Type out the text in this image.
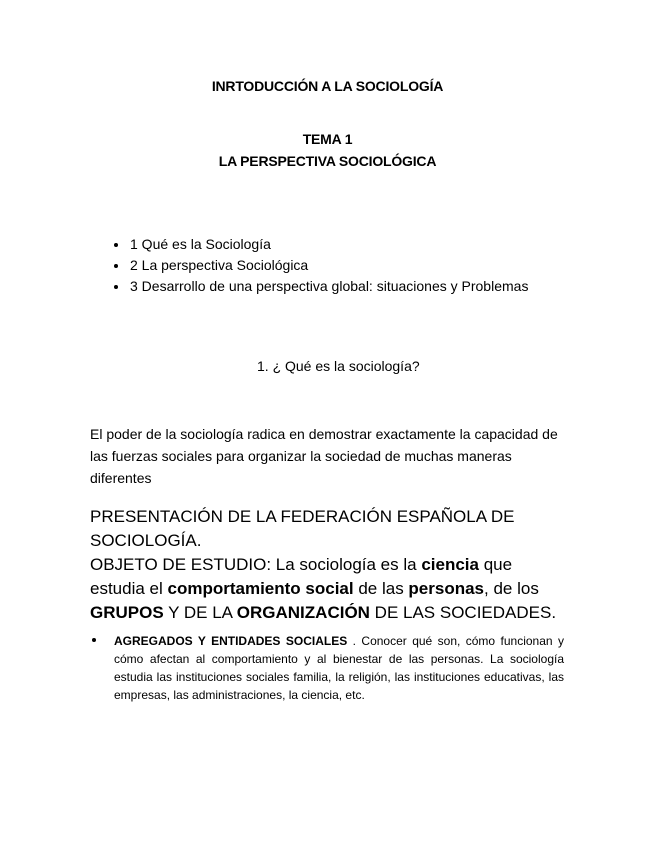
INRTODUCCIÓN A LA SOCIOLOGÍA
TEMA 1
LA PERSPECTIVA SOCIOLÓGICA
1 Qué es la Sociología
2 La perspectiva Sociológica
3 Desarrollo de una perspectiva global: situaciones y Problemas
1. ¿ Qué es la sociología?
El poder de la sociología radica en demostrar exactamente la capacidad de las fuerzas sociales para organizar la sociedad de muchas maneras diferentes
PRESENTACIÓN DE LA FEDERACIÓN ESPAÑOLA DE SOCIOLOGÍA.
OBJETO DE ESTUDIO: La sociología es la ciencia que estudia el comportamiento social de las personas, de los GRUPOS Y DE LA ORGANIZACIÓN DE LAS SOCIEDADES.
AGREGADOS Y ENTIDADES SOCIALES . Conocer qué son, cómo funcionan y cómo afectan al comportamiento y al bienestar de las personas. La sociología estudia las instituciones sociales familia, la religión, las instituciones educativas, las empresas, las administraciones, la ciencia, etc.
